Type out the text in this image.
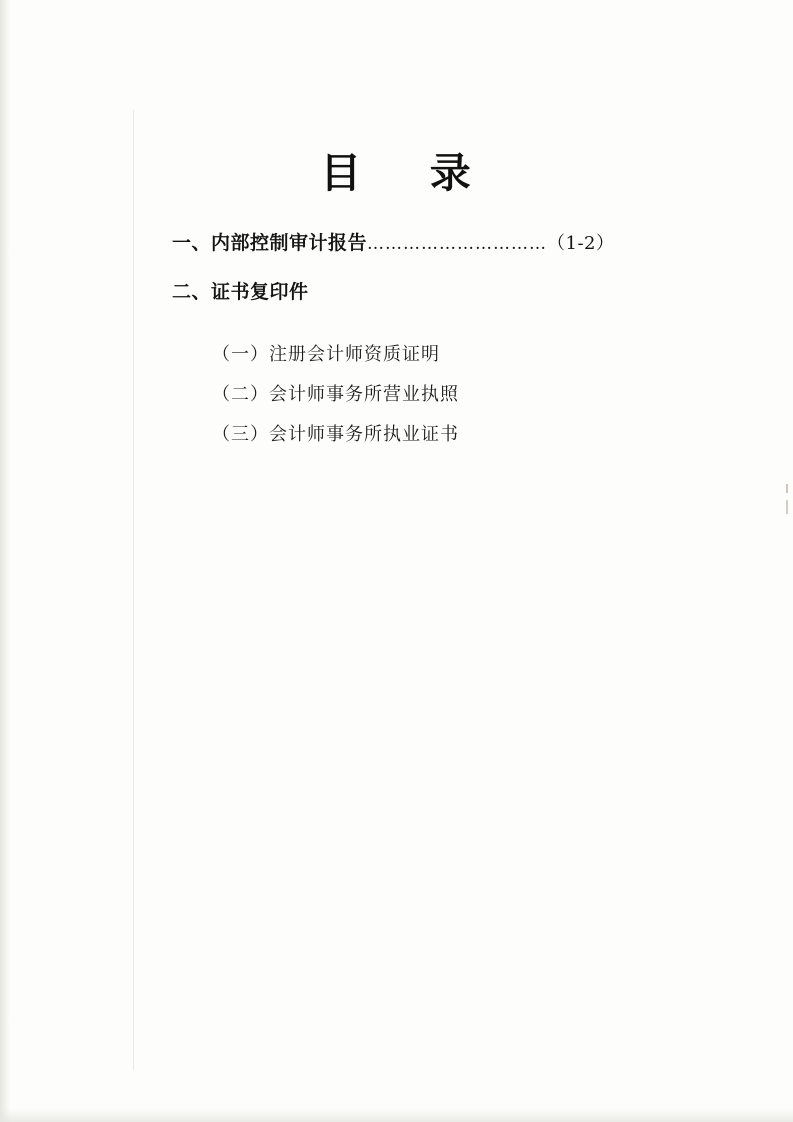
目 录
一、内部控制审计报告…………………………（1-2）
二、证书复印件
（一）注册会计师资质证明
（二）会计师事务所营业执照
（三）会计师事务所执业证书
